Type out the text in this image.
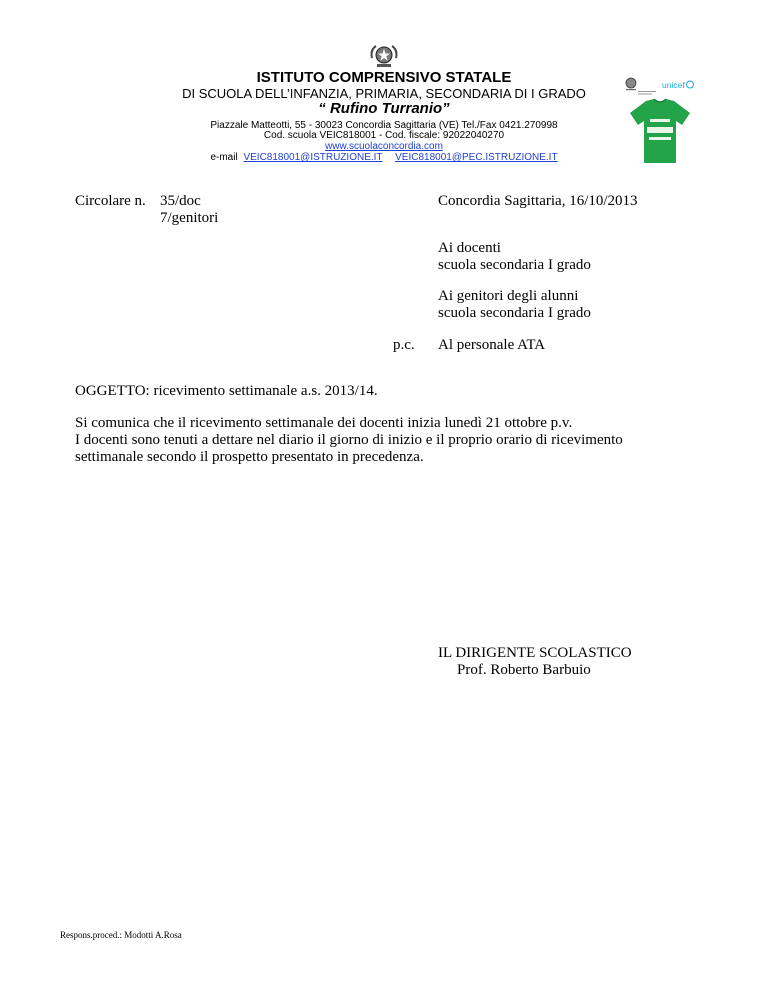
ISTITUTO COMPRENSIVO STATALE
DI SCUOLA DELL’INFANZIA, PRIMARIA, SECONDARIA DI I GRADO
“ Rufino Turranio”
Piazzale Matteotti, 55 - 30023 Concordia Sagittaria (VE) Tel./Fax 0421.270998
Cod. scuola VEIC818001 - Cod. fiscale: 92022040270
www.scuolaconcordia.com
e-mail VEIC818001@ISTRUZIONE.IT VEIC818001@PEC.ISTRUZIONE.IT
unicef
Circolare n. 35/doc
7/genitori
Concordia Sagittaria, 16/10/2013
Ai docenti
scuola secondaria I grado
Ai genitori degli alunni
scuola secondaria I grado
p.c. Al personale ATA
OGGETTO: ricevimento settimanale a.s. 2013/14.
Si comunica che il ricevimento settimanale dei docenti inizia lunedì 21 ottobre p.v.
I docenti sono tenuti a dettare nel diario il giorno di inizio e il proprio orario di ricevimento
settimanale secondo il prospetto presentato in precedenza.
IL DIRIGENTE SCOLASTICO
Prof. Roberto Barbuio
Respons.proced.: Modotti A.Rosa
